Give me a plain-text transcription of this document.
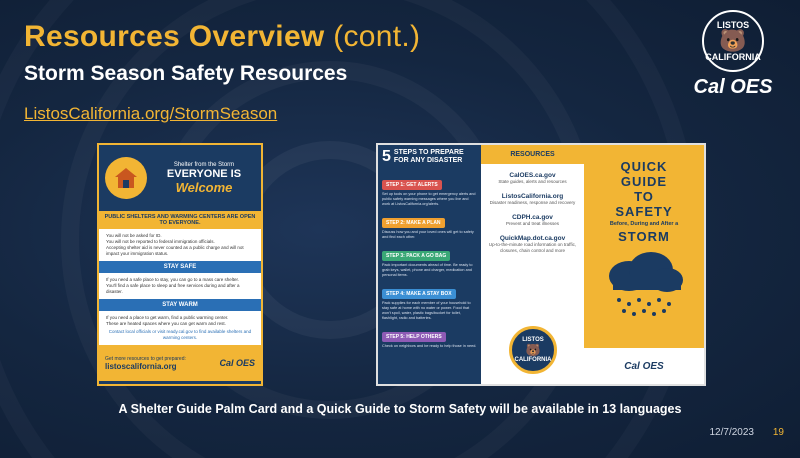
Resources Overview (cont.)
Storm Season Safety Resources
ListosCalifornia.org/StormSeason
LISTOS
🐻
CALIFORNIA
Cal OES
Shelter from the Storm
EVERYONE IS
Welcome
PUBLIC SHELTERS AND WARMING CENTERS ARE OPEN TO EVERYONE.
You will not be asked for ID.
You will not be reported to federal immigration officials.
Accepting shelter aid is never counted as a public charge and will not impact your immigration status.
STAY SAFE
If you need a safe place to stay, you can go to a mass care shelter.
You'll find a safe place to sleep and free services during and after a disaster.
STAY WARM
If you need a place to get warm, find a public warming center.
These are heated spaces where you can get warm and rest.
Contact local officials or visit ready.cal.gov to find available shelters and warming centers.
Get more resources to get prepared:
listoscalifornia.org	Cal OES
5 STEPS TO PREPARE FOR ANY DISASTER
STEP 1: GET ALERTS
Set up tools on your phone to get emergency alerts and public safety warning messages where you live and work at ListosCalifornia.org/alerts.
STEP 2: MAKE A PLAN
Discuss how you and your loved ones will get to safety and find each other.
STEP 3: PACK A GO BAG
Pack important documents ahead of time. Be ready to grab keys, wallet, phone and charger, medication and personal items.
STEP 4: MAKE A STAY BOX
Pack supplies for each member of your household to stay safe at home with no water or power. Food that won't spoil, water, plastic bags/bucket for toilet, flashlight, radio and batteries.
STEP 5: HELP OTHERS
Check on neighbors and be ready to help those in need.
RESOURCES
CalOES.ca.gov
State guides, alerts and resources
ListosCalifornia.org
Disaster readiness, response and recovery
CDPH.ca.gov
Prevent and treat illnesses
QuickMap.dot.ca.gov
Up-to-the-minute road information on traffic, closures, chain control and more
LISTOS
🐻
CALIFORNIA
QUICK
GUIDE
TO
SAFETY
Before, During and After a
STORM
Cal OES
A Shelter Guide Palm Card and a Quick Guide to Storm Safety will be available in 13 languages
12/7/2023 19
